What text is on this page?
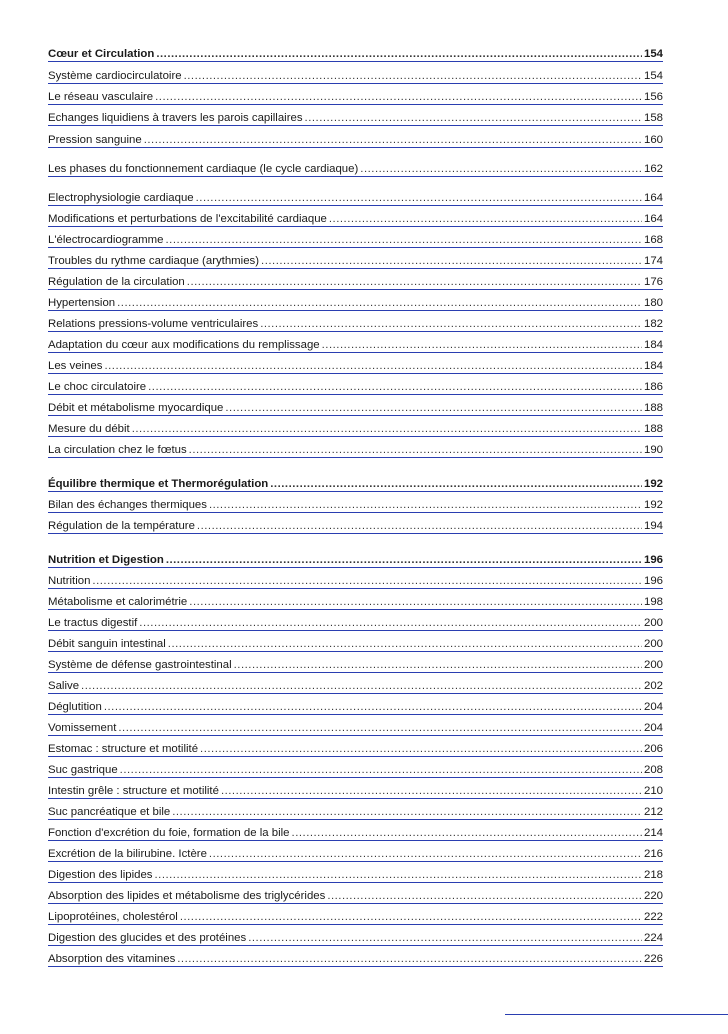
Cœur et Circulation .....	154
Système cardiocirculatoire .....	154
Le réseau vasculaire .....	156
Echanges liquidiens à travers les parois capillaires .....	158
Pression sanguine .....	160
Les phases du fonctionnement cardiaque (le cycle cardiaque) .....	162
Electrophysiologie cardiaque .....	164
Modifications et perturbations de l'excitabilité cardiaque .....	164
L'électrocardiogramme .....	168
Troubles du rythme cardiaque (arythmies) .....	174
Régulation de la circulation .....	176
Hypertension .....	180
Relations pressions-volume ventriculaires .....	182
Adaptation du cœur aux modifications du remplissage .....	184
Les veines .....	184
Le choc circulatoire .....	186
Débit et métabolisme myocardique .....	188
Mesure du débit .....	188
La circulation chez le fœtus .....	190
Équilibre thermique et Thermorégulation .....	192
Bilan des échanges thermiques .....	192
Régulation de la température .....	194
Nutrition et Digestion .....	196
Nutrition .....	196
Métabolisme et calorimétrie .....	198
Le tractus digestif .....	200
Débit sanguin intestinal .....	200
Système de défense gastrointestinal .....	200
Salive .....	202
Déglutition .....	204
Vomissement .....	204
Estomac : structure et motilité .....	206
Suc gastrique .....	208
Intestin grêle : structure et motilité .....	210
Suc pancréatique et bile .....	212
Fonction d'excrétion du foie, formation de la bile .....	214
Excrétion de la bilirubine. Ictère .....	216
Digestion des lipides .....	218
Absorption des lipides et métabolisme des triglycérides .....	220
Lipoprotéines, cholestérol .....	222
Digestion des glucides et des protéines .....	224
Absorption des vitamines .....	226
